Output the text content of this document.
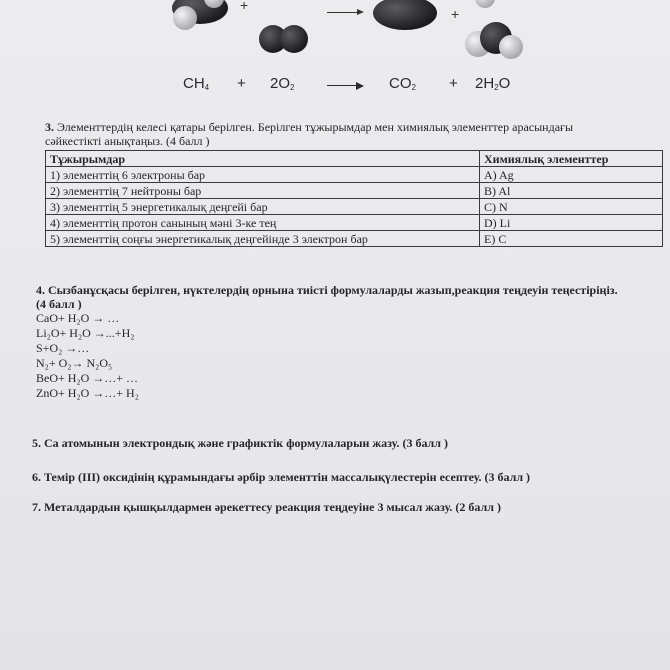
+
+
$CH_4 + 2O_2$	$CO_2 + 2H_2O$
3. Элементтердің келесі қатары берілген. Берілген тұжырымдар мен химиялық элементтер арасындағы
сәйкестікті анықтаңыз. (4 балл )
Тұжырымдар	Химиялық элементтер
1) элементтің 6 электроны бар	A) Ag
2) элементтің 7 нейтроны бар	B) Al
3) элементтің 5 энергетикалық деңгейі бар	C) N
4) элементтің протон санының мәні 3-ке тең	D) Li
5) элементтің соңғы энергетикалық деңгейінде 3 электрон бар	E) C
4. Сызбанұсқасы берілген, нүктелердің орнына тиісті формулаларды жазып,реакция теңдеуін теңестіріңіз.
(4 балл )
CaO+ H₂O → …
Li₂O+ H₂O →...+H₂
S+O₂ →…
N₂+ O₂→ N₂O₅
BeO+ H₂O →…+ …
ZnO+ H₂O →…+ H₂
5. Са атомынын электрондық және графиктік формулаларын жазу. (3 балл )
6. Темір (ІІІ) оксидінің құрамындағы әрбір элементтін массалықүлестерін есептеу. (3 балл )
7. Металдардын қышқылдармен әрекеттесу реакция теңдеуіне 3 мысал жазу. (2 балл )
